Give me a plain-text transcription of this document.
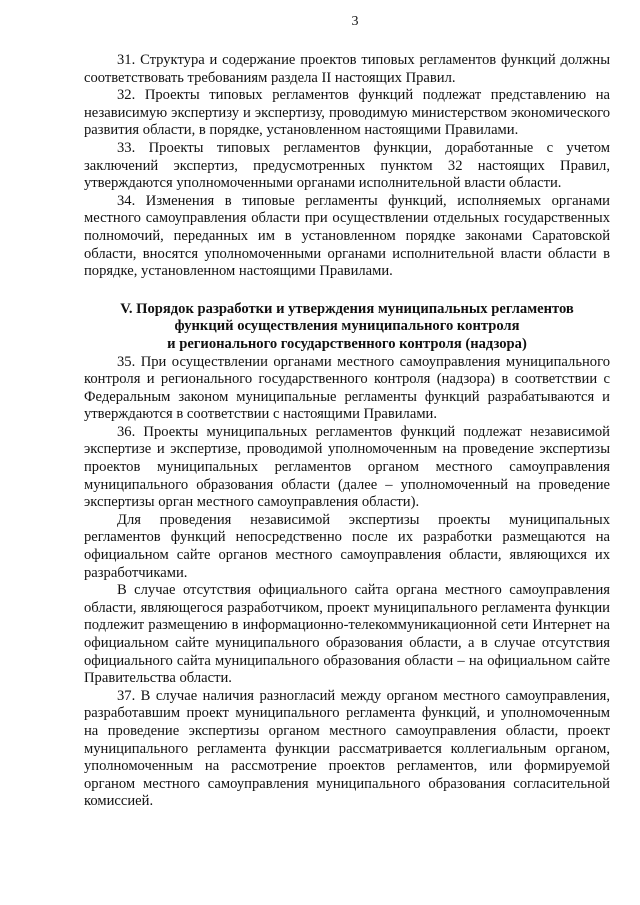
3

31. Структура и содержание проектов типовых регламентов функций должны соответствовать требованиям раздела II настоящих Правил.

32. Проекты типовых регламентов функций подлежат представлению на независимую экспертизу и экспертизу, проводимую министерством экономического развития области, в порядке, установленном настоящими Правилами.

33. Проекты типовых регламентов функции, доработанные с учетом заключений экспертиз, предусмотренных пунктом 32 настоящих Правил, утверждаются уполномоченными органами исполнительной власти области.

34. Изменения в типовые регламенты функций, исполняемых органами местного самоуправления области при осуществлении отдельных государственных полномочий, переданных им в установленном порядке законами Саратовской области, вносятся уполномоченными органами исполнительной власти области в порядке, установленном настоящими Правилами.

V. Порядок разработки и утверждения муниципальных регламентов
функций осуществления муниципального контроля
и регионального государственного контроля (надзора)

35. При осуществлении органами местного самоуправления муниципального контроля и регионального государственного контроля (надзора) в соответствии с Федеральным законом муниципальные регламенты функций разрабатываются и утверждаются в соответствии с настоящими Правилами.

36. Проекты муниципальных регламентов функций подлежат независимой экспертизе и экспертизе, проводимой уполномоченным на проведение экспертизы проектов муниципальных регламентов органом местного самоуправления муниципального образования области (далее – уполномоченный на проведение экспертизы орган местного самоуправления области).

Для проведения независимой экспертизы проекты муниципальных регламентов функций непосредственно после их разработки размещаются на официальном сайте органов местного самоуправления области, являющихся их разработчиками.

В случае отсутствия официального сайта органа местного самоуправления области, являющегося разработчиком, проект муниципального регламента функции подлежит размещению в информационно-телекоммуникационной сети Интернет на официальном сайте муниципального образования области, а в случае отсутствия официального сайта муниципального образования области – на официальном сайте Правительства области.

37. В случае наличия разногласий между органом местного самоуправления, разработавшим проект муниципального регламента функций, и уполномоченным на проведение экспертизы органом местного самоуправления области, проект муниципального регламента функции рассматривается коллегиальным органом, уполномоченным на рассмотрение проектов регламентов, или формируемой органом местного самоуправления муниципального образования согласительной комиссией.
